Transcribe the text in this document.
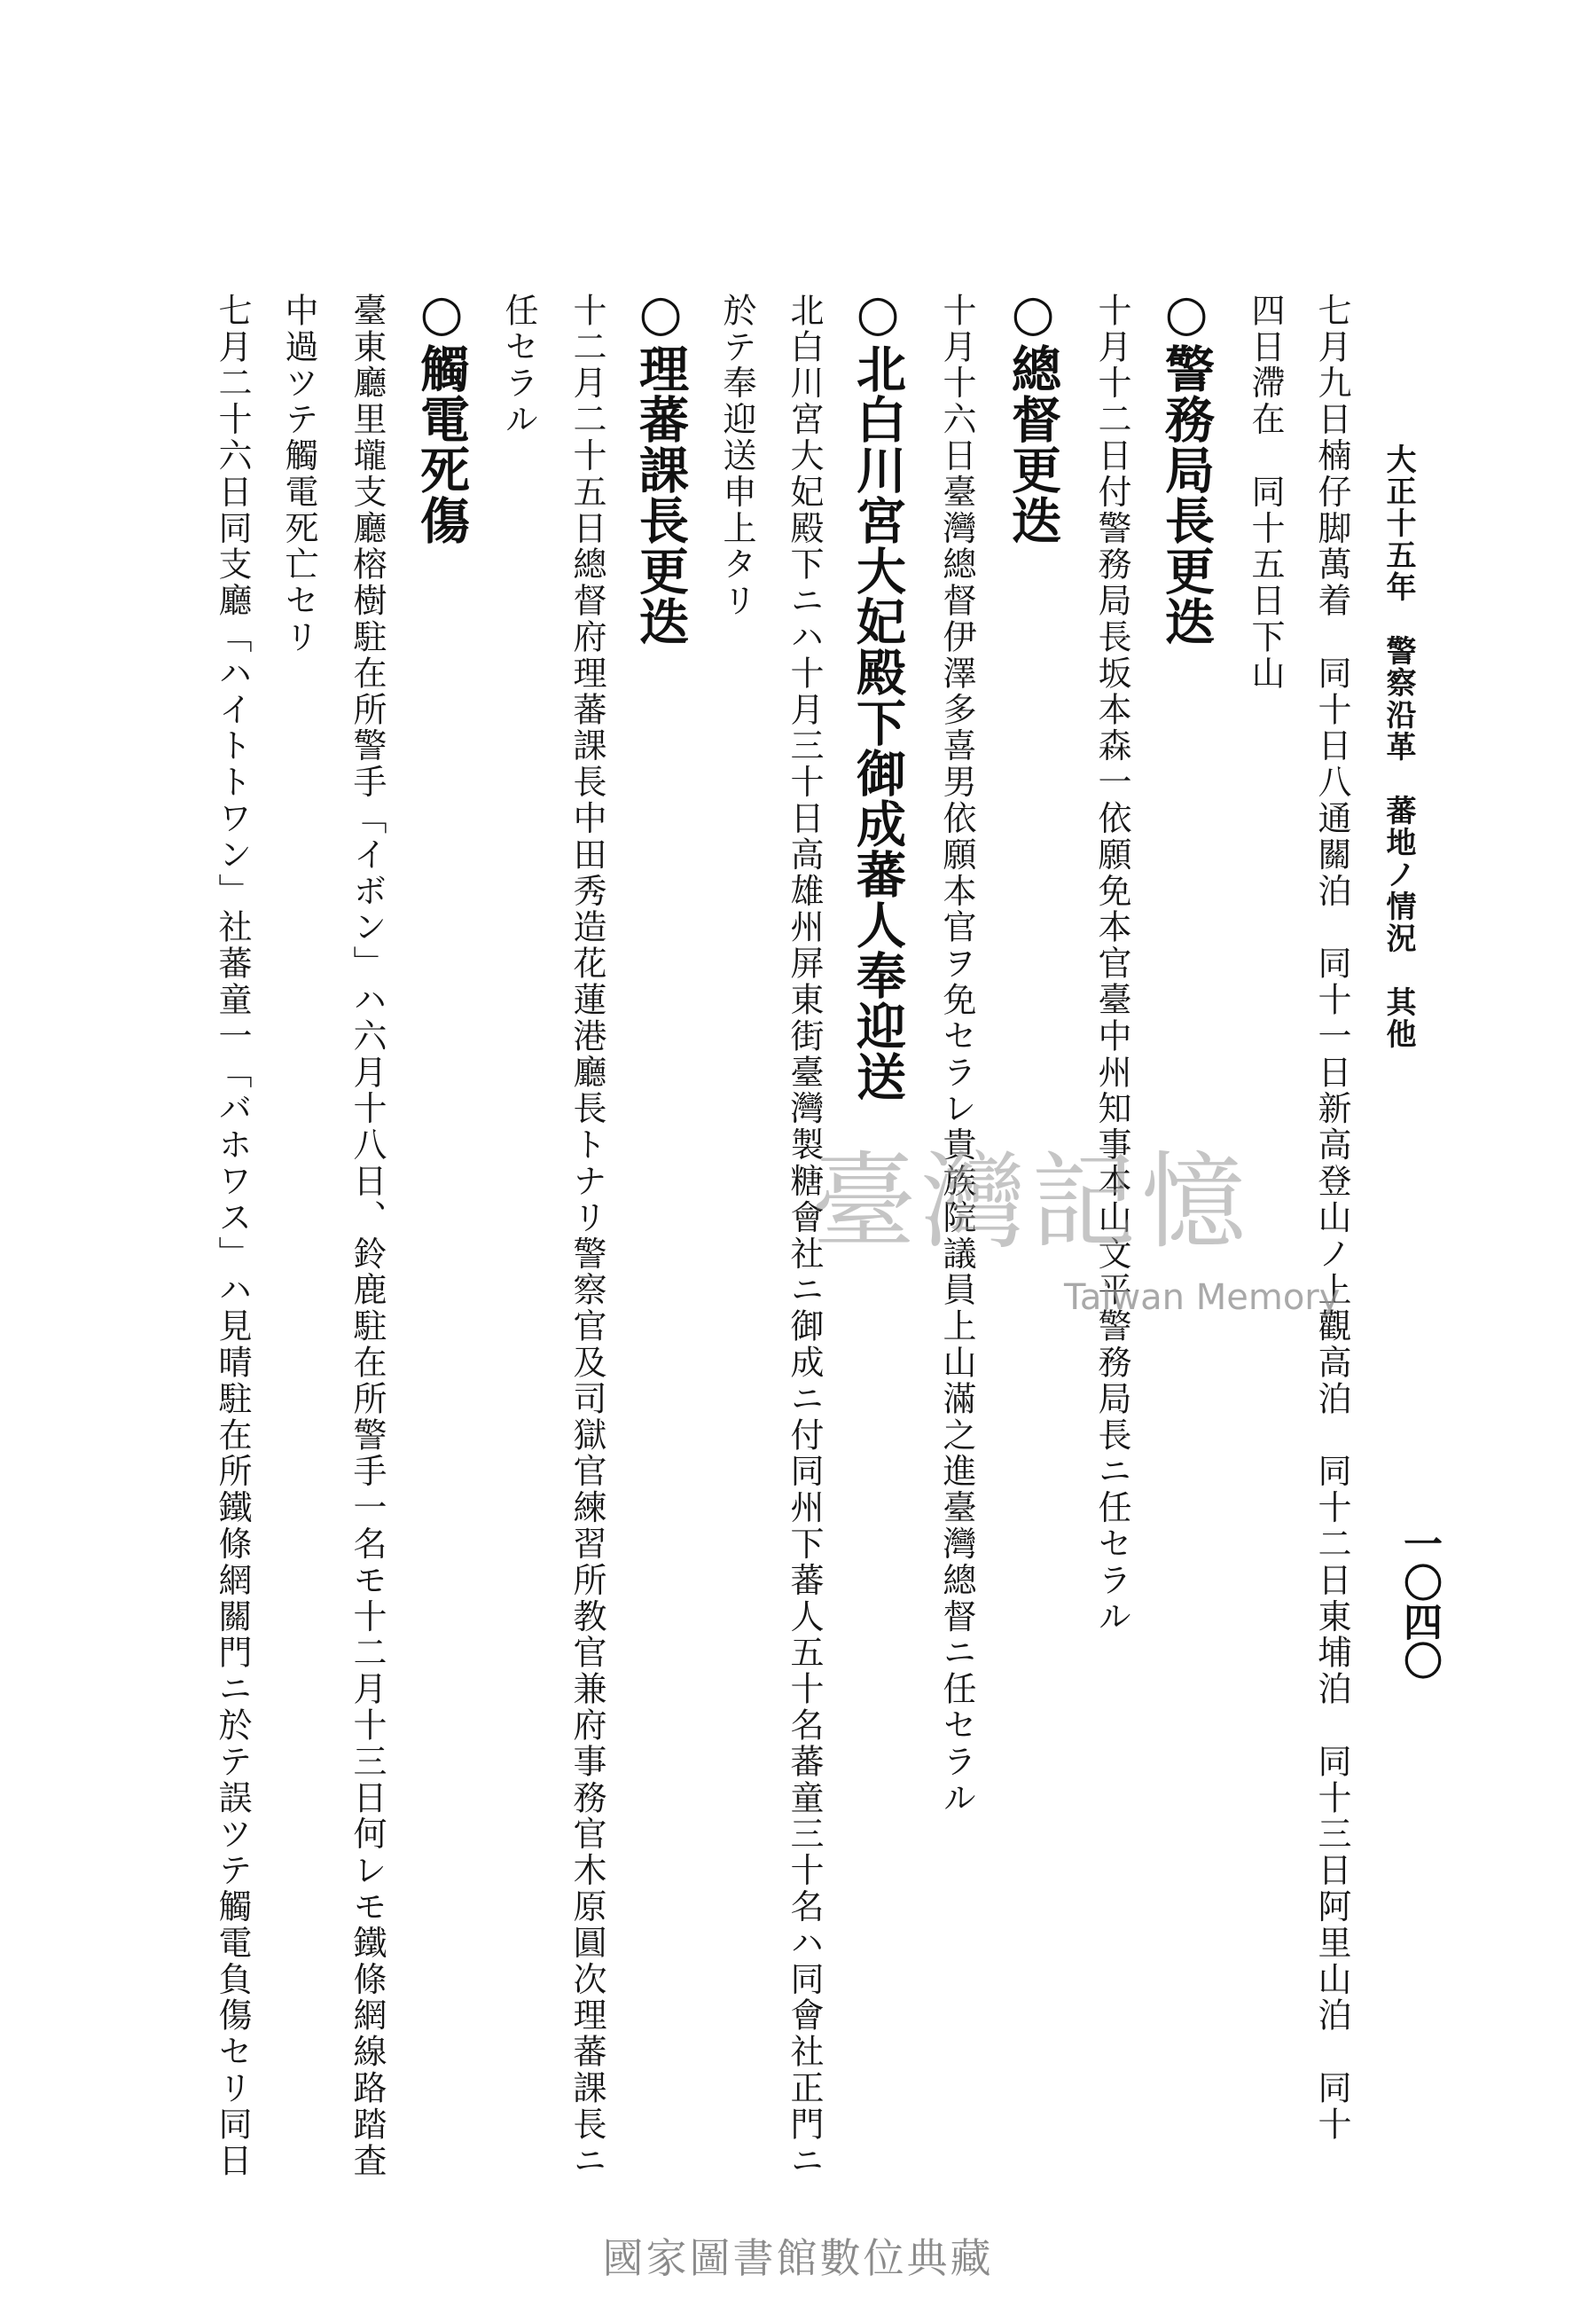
大正十五年　警察沿革　蕃地ノ情況　其他
一〇四〇
七月九日楠仔脚萬着　同十日八通關泊　同十一日新高登山ノ上觀高泊　同十二日東埔泊　同十三日阿里山泊　同十
四日滯在　同十五日下山
○警務局長更迭
十月十二日付警務局長坂本森一依願免本官臺中州知事本山文平警務局長ニ任セラル
○總督更迭
十月十六日臺灣總督伊澤多喜男依願本官ヲ免セラレ貴族院議員上山滿之進臺灣總督ニ任セラル
○北白川宮大妃殿下御成蕃人奉迎送
北白川宮大妃殿下ニハ十月三十日高雄州屏東街臺灣製糖會社ニ御成ニ付同州下蕃人五十名蕃童三十名ハ同會社正門ニ
於テ奉迎送申上タリ
○理蕃課長更迭
十二月二十五日總督府理蕃課長中田秀造花蓮港廳長トナリ警察官及司獄官練習所教官兼府事務官木原圓次理蕃課長ニ
任セラル
○觸電死傷
臺東廳里壠支廳榕樹駐在所警手「イボン」ハ六月十八日、鈴鹿駐在所警手一名モ十二月十三日何レモ鐵條網線路踏査
中過ツテ觸電死亡セリ
七月二十六日同支廳「ハイトトワン」社蕃童一「バホワス」ハ見晴駐在所鐵條網關門ニ於テ誤ツテ觸電負傷セリ同日	臺灣記憶
Taiwan Memory
國家圖書館數位典藏
